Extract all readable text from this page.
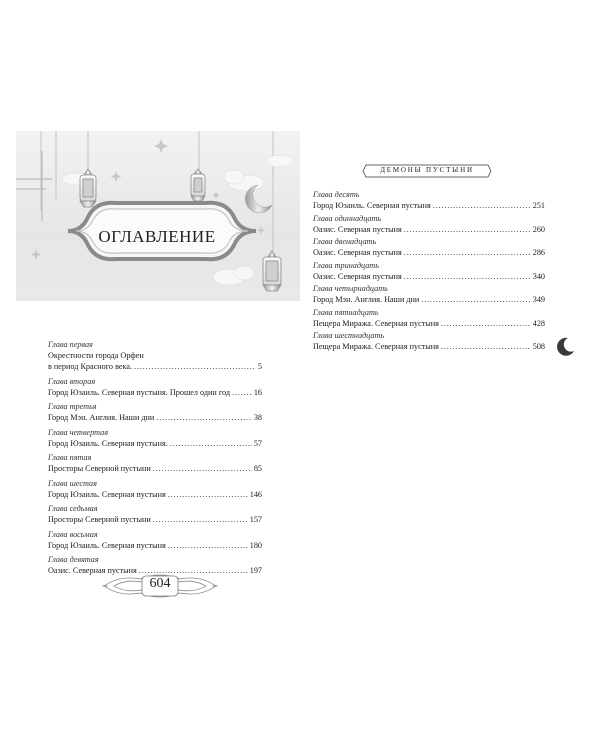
ОГЛАВЛЕНИЕ
Глава первая
Окрестности города Орфен
в период Красного века. . . .	5
Глава вторая
Город Юзаиль. Северная пустыня. Прошел один год . . .	16
Глава третья
Город Мэн. Англия. Наши дни . . .	38
Глава четвертая
Город Юзаиль. Северная пустыня. . . .	57
Глава пятая
Просторы Северной пустыни . . .	85
Глава шестая
Город Юзаиль. Северная пустыня . . .	146
Глава седьмая
Просторы Северной пустыни . . .	157
Глава восьмая
Город Юзаиль. Северная пустыня . . .	180
Глава девятая
Оазис. Северная пустыня . . .	197
604
ДЕМОНЫ ПУСТЫНИ
Глава десять
Город Юзаиль. Северная пустыня . . .	251
Глава одиннадцать
Оазис. Северная пустыня . . .	260
Глава двенадцать
Оазис. Северная пустыня . . .	286
Глава тринадцать
Оазис. Северная пустыня . . .	340
Глава четырнадцать
Город Мэн. Англия. Наши дни . . .	349
Глава пятнадцать
Пещера Миража. Северная пустыня . . .	428
Глава шестнадцать
Пещера Миража. Северная пустыня . . .	508
